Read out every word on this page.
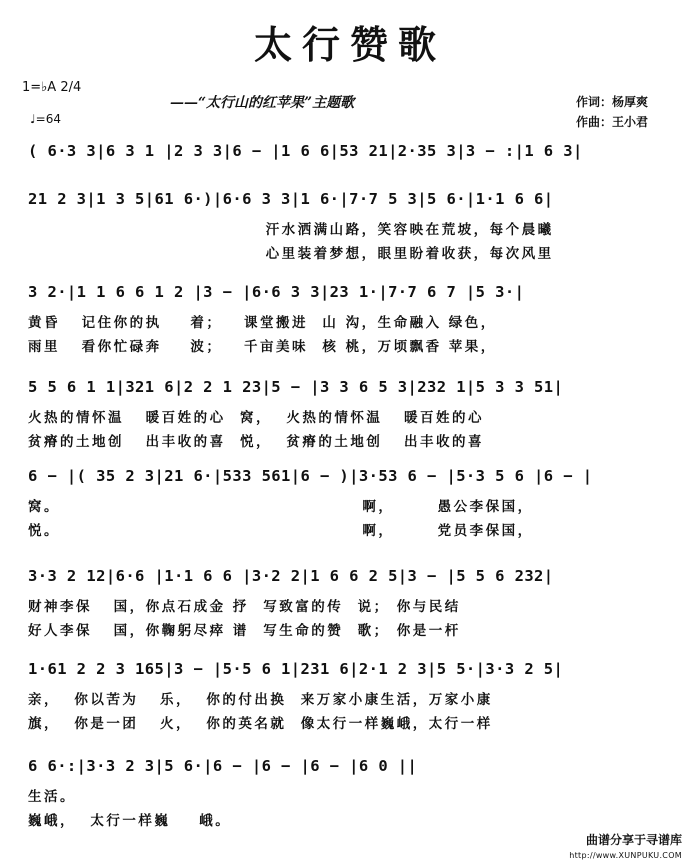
太行赞歌
1=♭A 2/4
♩=64
——“太行山的红苹果”主题歌	作词：杨厚爽
作曲：王小君
( 6·3 3|6 3 1 |2 3 3|6 − |1 6 6|53 21|2·35 3|3 − :|1 6 3|
21 2 3|1 3 5|61 6·)|6·6 3 3|1 6·|7·7 5 3|5 6·|1·1 6 6|
汗水洒满山路，笑容映在荒坡，每个晨曦
心里装着梦想，眼里盼着收获，每次风里
3 2·|1 1 6 6 1 2 |3 − |6·6 3 3|23 1·|7·7 6 7 |5 3·|
黄昏   记住你的执    着；   课堂搬进  山 沟，生命融入 绿色，
雨里   看你忙碌奔    波；   千亩美味  核 桃，万顷飘香 苹果，
5 5 6 1 1|321 6|2 2 1 23|5 − |3 3 6 5 3|232 1|5 3 3 51|
火热的情怀温   暖百姓的心  窝，  火热的情怀温   暖百姓的心
贫瘠的土地创   出丰收的喜  悦，  贫瘠的土地创   出丰收的喜
6 − |( 35 2 3|21 6·|533 561|6 − )|3·53 6 − |5·3 5 6 |6 − |
窝。                                          啊，      愚公李保国，
悦。                                          啊，      党员李保国，
3·3 2 12|6·6 |1·1 6 6 |3·2 2|1 6 6 2 5|3 − |5 5 6 232|
财神李保   国，你点石成金 抒  写致富的传  说； 你与民结
好人李保   国，你鞠躬尽瘁 谱  写生命的赞  歌； 你是一杆
1·61 2 2 3 165|3 − |5·5 6 1|231 6|2·1 2 3|5 5·|3·3 2 5|
亲，  你以苦为   乐，  你的付出换  来万家小康生活，万家小康
旗，  你是一团   火，  你的英名就  像太行一样巍峨，太行一样
6 6·:|3·3 2 3|5 6·|6 − |6 − |6 − |6 0 ||
生活。
巍峨，  太行一样巍    峨。
曲谱分享于寻谱库
http://www.XUNPUKU.COM
